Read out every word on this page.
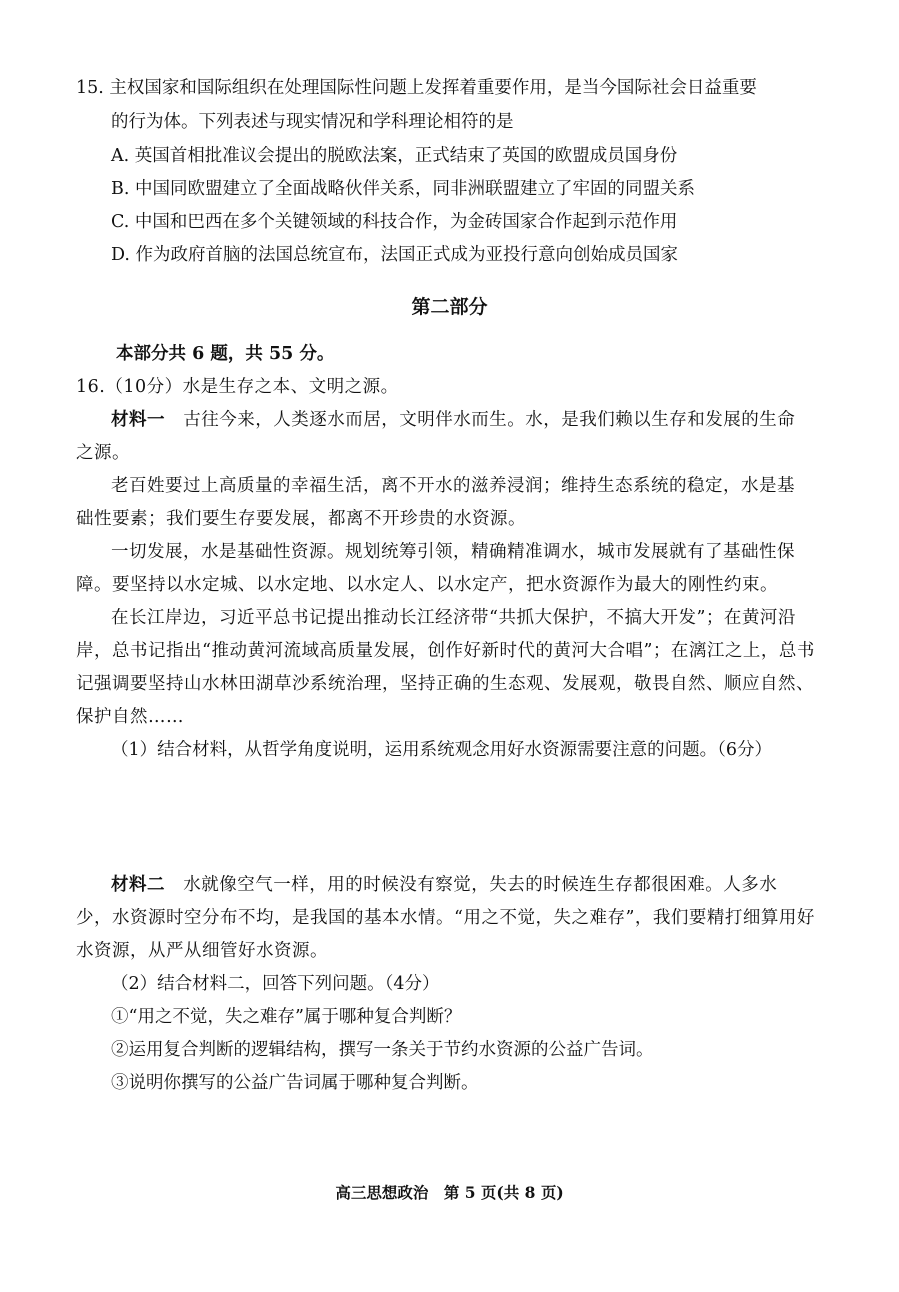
15. 主权国家和国际组织在处理国际性问题上发挥着重要作用，是当今国际社会日益重要
的行为体。下列表述与现实情况和学科理论相符的是
A. 英国首相批准议会提出的脱欧法案，正式结束了英国的欧盟成员国身份
B. 中国同欧盟建立了全面战略伙伴关系，同非洲联盟建立了牢固的同盟关系
C. 中国和巴西在多个关键领域的科技合作，为金砖国家合作起到示范作用
D. 作为政府首脑的法国总统宣布，法国正式成为亚投行意向创始成员国家
第二部分
本部分共 6 题，共 55 分。
16.（10分）水是生存之本、文明之源。
材料一 古往今来，人类逐水而居，文明伴水而生。水，是我们赖以生存和发展的生命
之源。
老百姓要过上高质量的幸福生活，离不开水的滋养浸润；维持生态系统的稳定，水是基
础性要素；我们要生存要发展，都离不开珍贵的水资源。
一切发展，水是基础性资源。规划统筹引领，精确精准调水，城市发展就有了基础性保
障。要坚持以水定城、以水定地、以水定人、以水定产，把水资源作为最大的刚性约束。
在长江岸边，习近平总书记提出推动长江经济带“共抓大保护，不搞大开发”；在黄河沿
岸，总书记指出“推动黄河流域高质量发展，创作好新时代的黄河大合唱”；在漓江之上，总书
记强调要坚持山水林田湖草沙系统治理，坚持正确的生态观、发展观，敬畏自然、顺应自然、
保护自然……
（1）结合材料，从哲学角度说明，运用系统观念用好水资源需要注意的问题。（6分）
材料二 水就像空气一样，用的时候没有察觉，失去的时候连生存都很困难。人多水
少，水资源时空分布不均，是我国的基本水情。“用之不觉，失之难存”，我们要精打细算用好
水资源，从严从细管好水资源。
（2）结合材料二，回答下列问题。（4分）
①“用之不觉，失之难存”属于哪种复合判断？
②运用复合判断的逻辑结构，撰写一条关于节约水资源的公益广告词。
③说明你撰写的公益广告词属于哪种复合判断。
高三思想政治　第 5 页(共 8 页)
